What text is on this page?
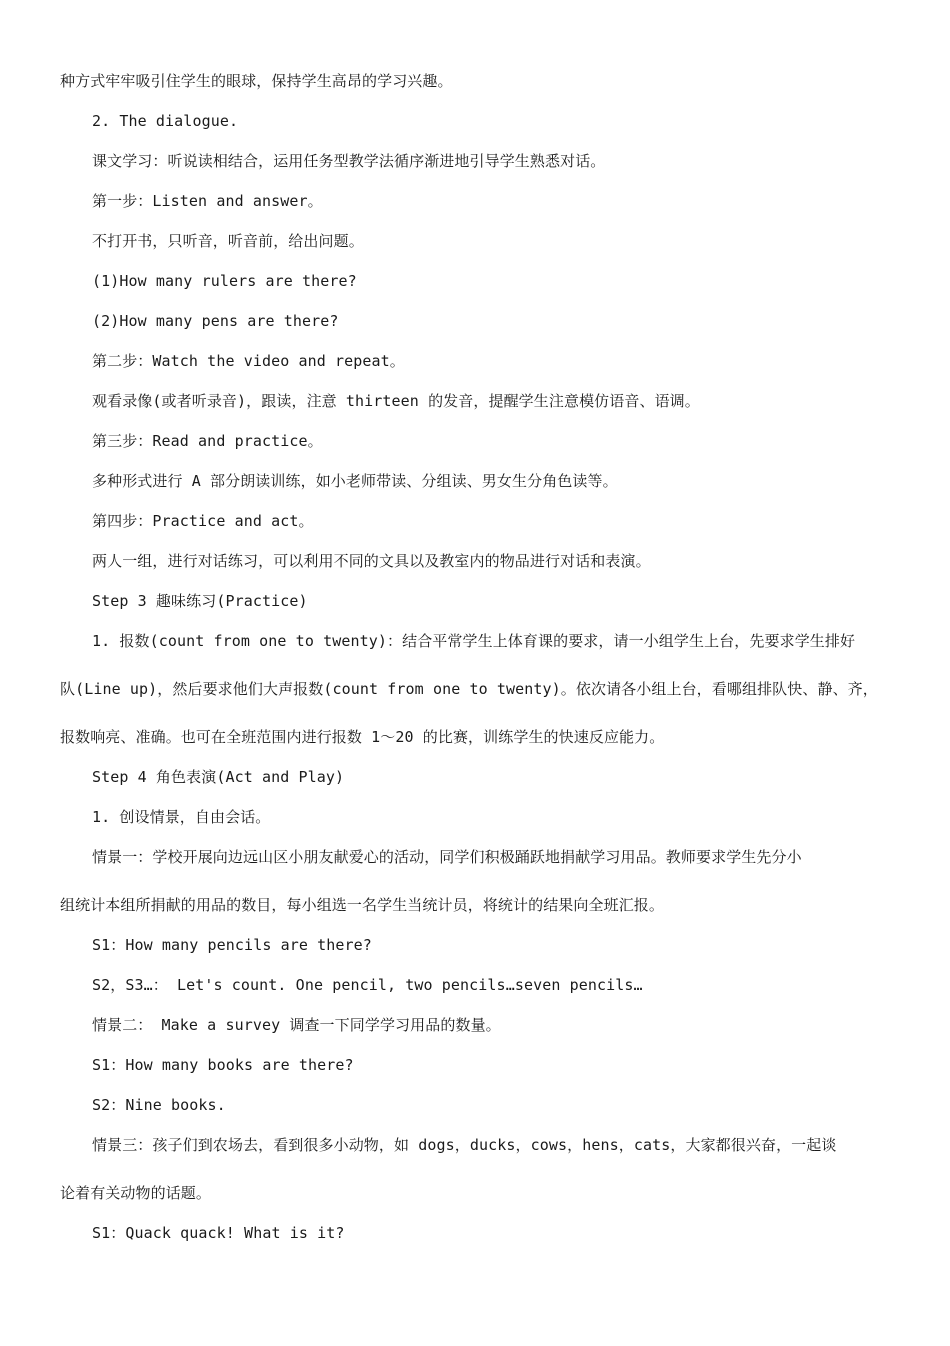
种方式牢牢吸引住学生的眼球，保持学生高昂的学习兴趣。
2. The dialogue.
课文学习：听说读相结合，运用任务型教学法循序渐进地引导学生熟悉对话。
第一步：Listen and answer。
不打开书，只听音，听音前，给出问题。
(1)How many rulers are there?
(2)How many pens are there?
第二步：Watch the video and repeat。
观看录像(或者听录音)，跟读，注意 thirteen 的发音，提醒学生注意模仿语音、语调。
第三步：Read and practice。
多种形式进行 A 部分朗读训练，如小老师带读、分组读、男女生分角色读等。
第四步：Practice and act。
两人一组，进行对话练习，可以利用不同的文具以及教室内的物品进行对话和表演。
Step 3 趣味练习(Practice)
1. 报数(count from one to twenty)：结合平常学生上体育课的要求，请一小组学生上台，先要求学生排好
队(Line up)，然后要求他们大声报数(count from one to twenty)。依次请各小组上台，看哪组排队快、静、齐，
报数响亮、准确。也可在全班范围内进行报数 1～20 的比赛，训练学生的快速反应能力。
Step 4 角色表演(Act and Play)
1. 创设情景，自由会话。
情景一：学校开展向边远山区小朋友献爱心的活动，同学们积极踊跃地捐献学习用品。教师要求学生先分小
组统计本组所捐献的用品的数目，每小组选一名学生当统计员，将统计的结果向全班汇报。
S1：How many pencils are there?
S2，S3…： Let's count. One pencil, two pencils…seven pencils…
情景二： Make a survey 调查一下同学学习用品的数量。
S1：How many books are there?
S2：Nine books.
情景三：孩子们到农场去，看到很多小动物，如 dogs，ducks，cows，hens，cats，大家都很兴奋，一起谈
论着有关动物的话题。
S1：Quack quack! What is it?
